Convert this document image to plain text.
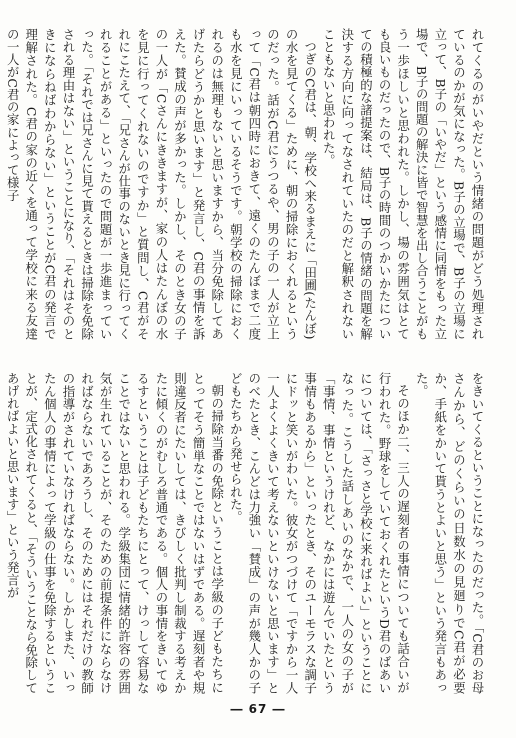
れてくるのがいやだという情緒の問題がどう処理されているのかが気になった。B子の立場で、B子の立場に立って、B子の「いやだ」という感情に同情をもった立場で、B子の問題の解決に皆で智慧を出し合うことがもう一歩ほしいと思われた。しかし、場の雰囲気はとても良いものだったので、B子の時間のつかいかたについての積極的な諸提案は、結局は、B子の情緒の問題を解決する方向に向ってなされていたのだと解釈されないこともないと思われた。

つぎのC君は、朝、学校へ来るまえに「田圃(たんぼ)の水を見てくる」ために、朝の掃除におくれるというのだった。話がC君にうつるや、男の子の一人が立上って「C君は朝四時におきて、遠くのたんぼまで二度も水を見にいっているそうです。朝学校の掃除におくれるのは無理もないと思いますから、当分免除してあげたらどうかと思います」と発言し、C君の事情を訴えた。賛成の声が多かった。しかし、そのとき女の子の一人が「Cさんにききますが、家の人はたんぼの水を見に行ってくれないのですか」と質問し、C君がそれにこたえて、「兄さんが仕事のないとき見に行ってくれることがある」といったので問題が一歩進まっていった。「それでは兄さんに見て貰えるときは掃除を免除される理由はない」ということになり、「それはそのときにならねばわからない」ということがC君の発言で理解された。C君の家の近くを通って学校に来る友達の一人がC君の家によって様子

をきいてくるということになったのだった。「C君のお母さんから、どのくらいの日数水の見廻りでC君が必要か、手紙をかいて貰うとよいと思う」という発言もあった。

そのほか二、三人の遅刻者の事情についても話合いが行われた。野球をしていておくれたというD君のばあいについては、「さっさと学校に来ればよい」ということになった。こうした話しあいのなかで、一人の女の子が「事情、事情というけれど、なかには遊んでいたという事情もあるから」といったとき、そのユーモラスな調子にドッと笑いがわいた。彼女がつづけて「ですから一人一人よくよくきいて考えないといけないと思います」とのべたとき、こんどは力強い「賛成」の声が幾人かの子どもたちから発せられた。

朝の掃除当番の免除ということは学級の子どもたちにとってそう簡単なことではないはずである。遅刻者や規則違反者にたいしては、きびしく批判し制裁する考えかたに傾くのがむしろ普通である。個人の事情をきいてゆるすということは子どもたちにとって、けっして容易なことではないと思われる。学級集団に情緒的許容の雰囲気が生れていることが、そのための前提条件にならなければならないであろうし、そのためにはそれだけの教師の指導がされていなければならない。しかしまた、いったん個人の事情によって学級の仕事を免除するということが、定式化されてくると、「そういうことなら免除してあげればよいと思います」という発言が

― 67 ―
